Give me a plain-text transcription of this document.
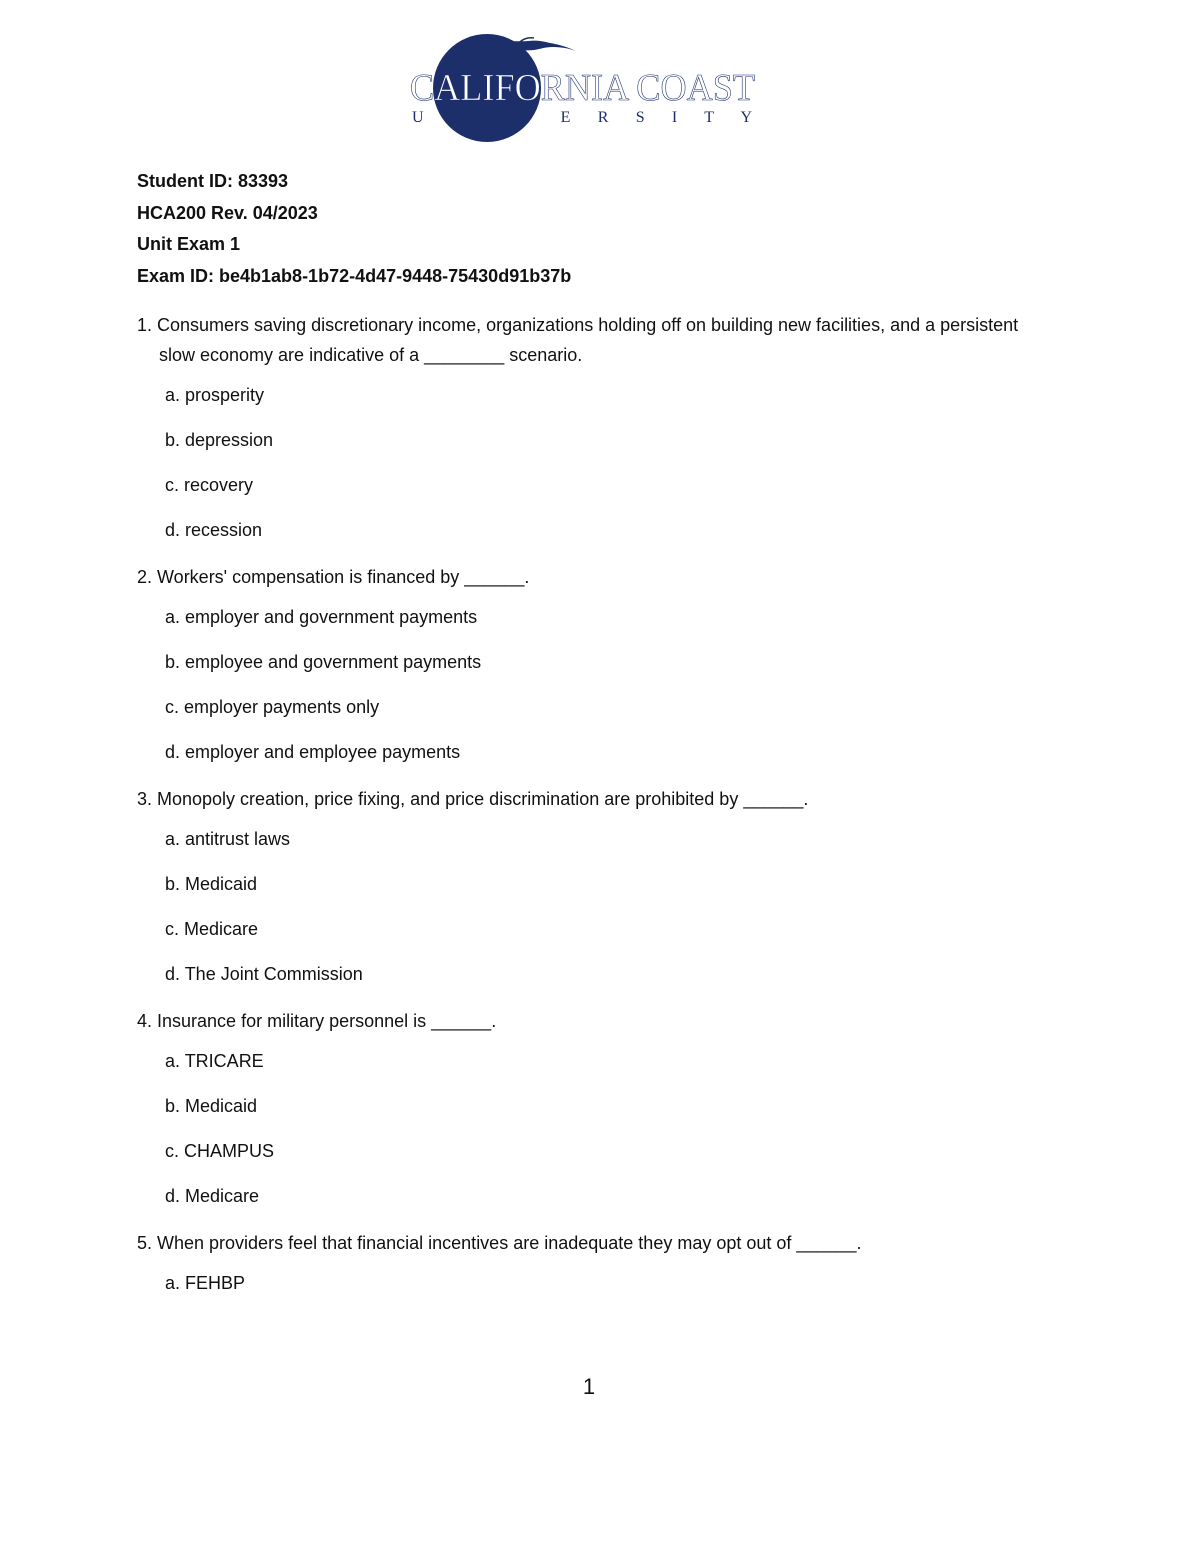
CALIFORNIA COAST
U N I V E R S I T Y
Student ID: 83393
HCA200 Rev. 04/2023
Unit Exam 1
Exam ID: be4b1ab8-1b72-4d47-9448-75430d91b37b
1. Consumers saving discretionary income, organizations holding off on building new facilities, and a persistent slow economy are indicative of a ________ scenario.
a. prosperity
b. depression
c. recovery
d. recession
2. Workers' compensation is financed by ______.
a. employer and government payments
b. employee and government payments
c. employer payments only
d. employer and employee payments
3. Monopoly creation, price fixing, and price discrimination are prohibited by ______.
a. antitrust laws
b. Medicaid
c. Medicare
d. The Joint Commission
4. Insurance for military personnel is ______.
a. TRICARE
b. Medicaid
c. CHAMPUS
d. Medicare
5. When providers feel that financial incentives are inadequate they may opt out of ______.
a. FEHBP
1
